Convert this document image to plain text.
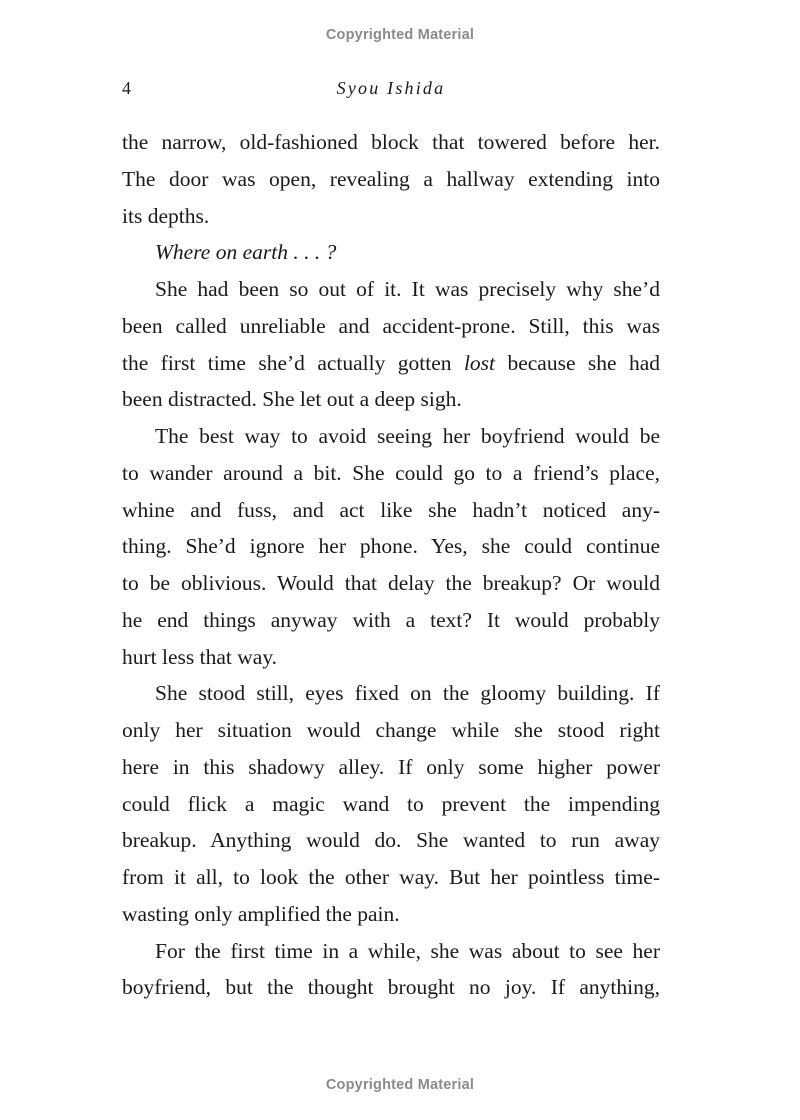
Copyrighted Material
4	Syou Ishida
the narrow, old-fashioned block that towered before her.
The door was open, revealing a hallway extending into
its depths.
Where on earth . . . ?
She had been so out of it. It was precisely why she’d
been called unreliable and accident-prone. Still, this was
the first time she’d actually gotten lost because she had
been distracted. She let out a deep sigh.
The best way to avoid seeing her boyfriend would be
to wander around a bit. She could go to a friend’s place,
whine and fuss, and act like she hadn’t noticed any-
thing. She’d ignore her phone. Yes, she could continue
to be oblivious. Would that delay the breakup? Or would
he end things anyway with a text? It would probably
hurt less that way.
She stood still, eyes fixed on the gloomy building. If
only her situation would change while she stood right
here in this shadowy alley. If only some higher power
could flick a magic wand to prevent the impending
breakup. Anything would do. She wanted to run away
from it all, to look the other way. But her pointless time-
wasting only amplified the pain.
For the first time in a while, she was about to see her
boyfriend, but the thought brought no joy. If anything,
Copyrighted Material
